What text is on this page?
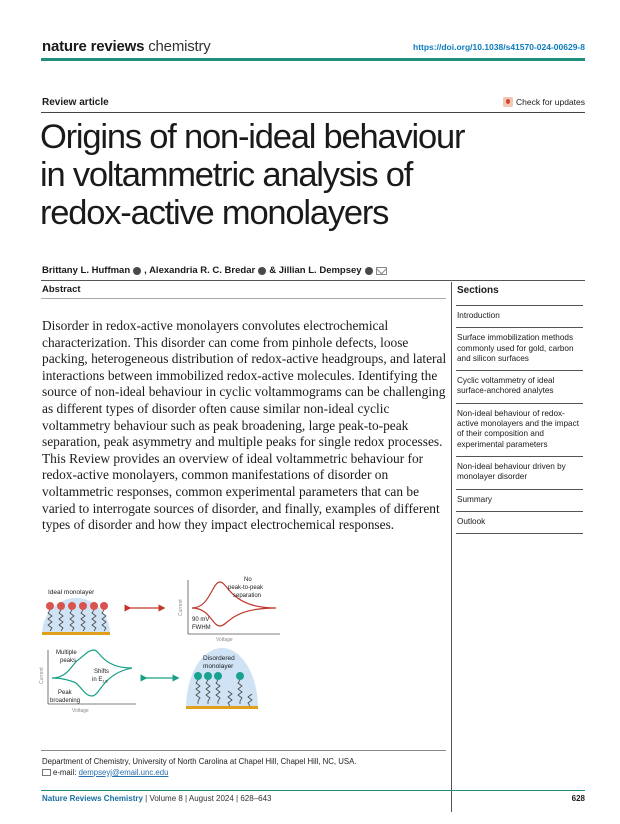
nature reviews chemistry	https://doi.org/10.1038/s41570-024-00629-8
Review article	Check for updates
Origins of non-ideal behaviour
in voltammetric analysis of
redox-active monolayers
Brittany L. Huffman , Alexandria R. C. Bredar & Jillian L. Dempsey
Abstract
Disorder in redox-active monolayers convolutes electrochemical characterization. This disorder can come from pinhole defects, loose packing, heterogeneous distribution of redox-active headgroups, and lateral interactions between immobilized redox-active molecules. Identifying the source of non-ideal behaviour in cyclic voltammograms can be challenging as different types of disorder often cause similar non-ideal cyclic voltammetry behaviour such as peak broadening, large peak-to-peak separation, peak asymmetry and multiple peaks for single redox processes. This Review provides an overview of ideal voltammetric behaviour for redox-active monolayers, common manifestations of disorder on voltammetric responses, common experimental parameters that can be varied to interrogate sources of disorder, and finally, examples of different types of disorder and how they impact electrochemical responses.
Sections
Introduction
Surface immobilization methods commonly used for gold, carbon and silicon surfaces
Cyclic voltammetry of ideal surface-anchored analytes
Non-ideal behaviour of redox-active monolayers and the impact of their composition and experimental parameters
Non-ideal behaviour driven by monolayer disorder
Summary
Outlook
Ideal monolayer
Current
Voltage
No
peak-to-peak
separation
90 mV
FWHM
Current
Voltage
Multiple
peaks
Shifts
in $E_{1/2}$
Peak
broadening
Disordered
monolayer
Department of Chemistry, University of North Carolina at Chapel Hill, Chapel Hill, NC, USA.
e-mail: dempseyj@email.unc.edu
Nature Reviews Chemistry | Volume 8 | August 2024 | 628–643	628
